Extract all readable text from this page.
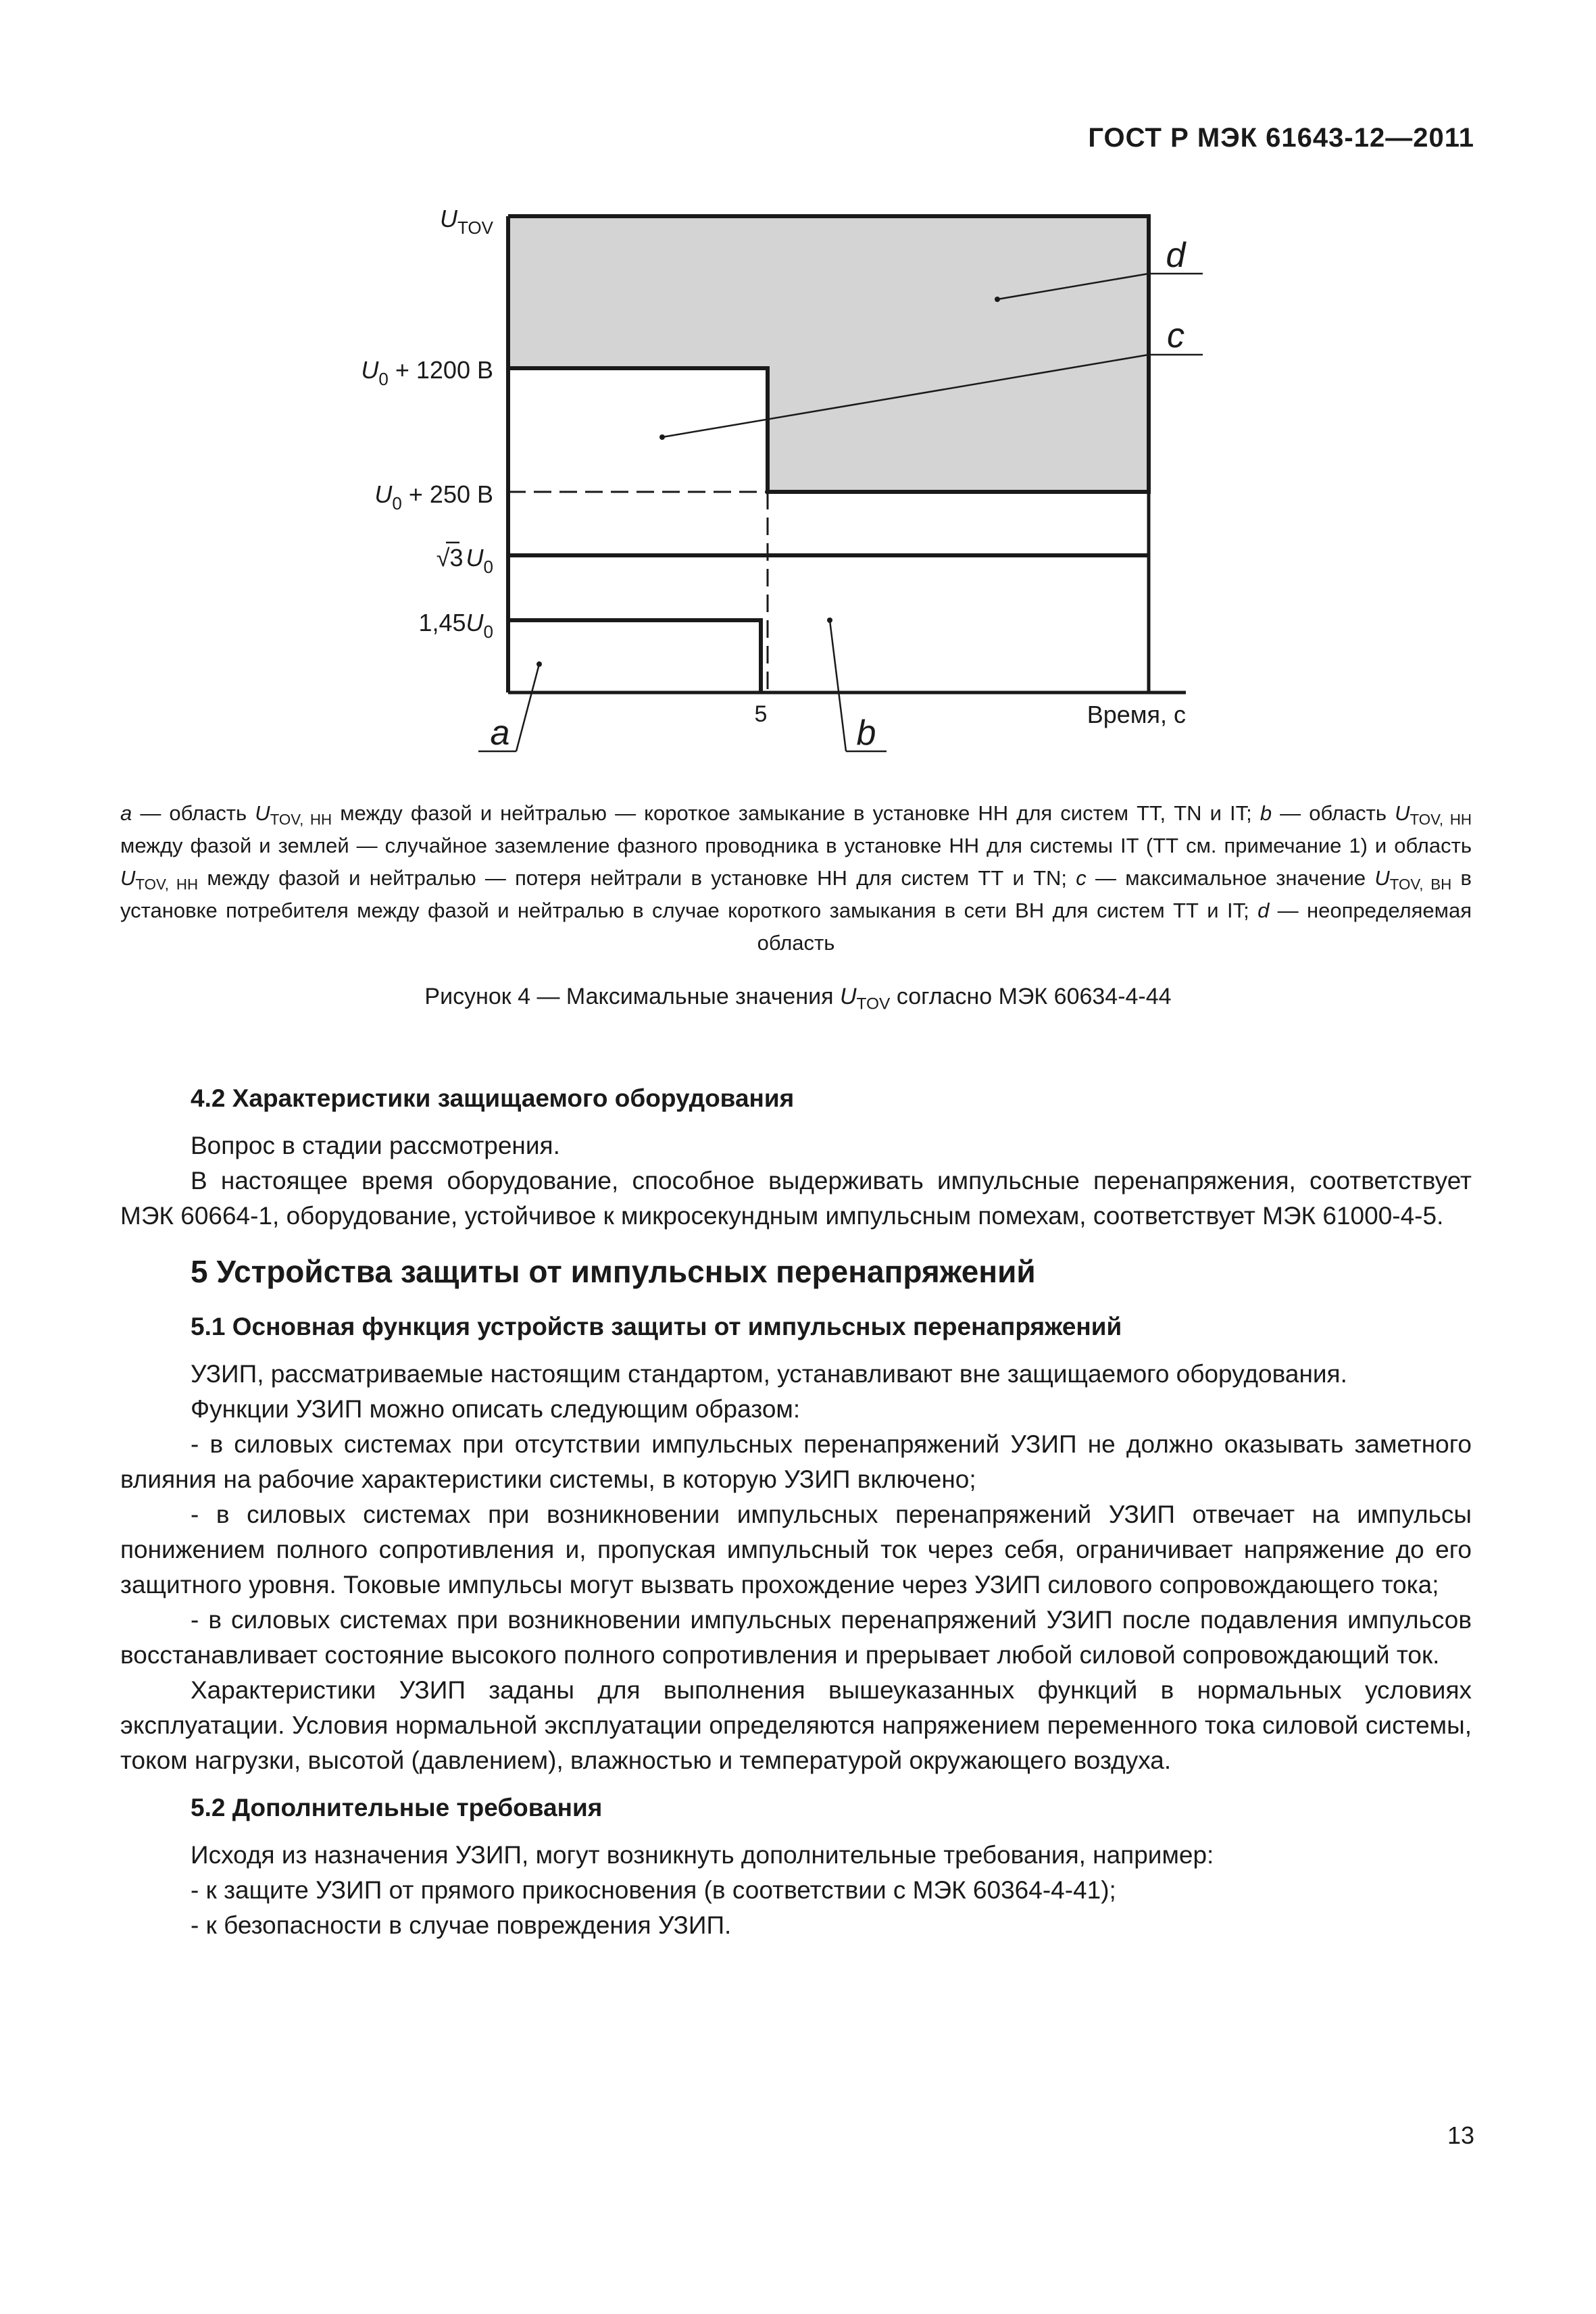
ГОСТ Р МЭК 61643-12—2011
$U_{TOV}$
$U_0 + 1200$ В
$U_0 + 250$ В
√3 $U_0$
$1,45U_0$
5	Время, с
d
c
a	b
a — область $U_{TOV, НН}$ между фазой и нейтралью — короткое замыкание в установке НН для систем ТТ, TN и IT; b — область $U_{TOV, НН}$ между фазой и землей — случайное заземление фазного проводника в установке НН для системы IT (ТТ см. примечание 1) и область $U_{TOV, НН}$ между фазой и нейтралью — потеря нейтрали в установке НН для систем ТТ и TN; c — максимальное значение $U_{TOV, ВН}$ в установке потребителя между фазой и нейтралью в случае короткого замыкания в сети ВН для систем ТТ и IT; d — неопределяемая область
Рисунок 4 — Максимальные значения $U_{TOV}$ согласно МЭК 60634-4-44
4.2 Характеристики защищаемого оборудования

Вопрос в стадии рассмотрения.

В настоящее время оборудование, способное выдерживать импульсные перенапряжения, соответствует МЭК 60664-1, оборудование, устойчивое к микросекундным импульсным помехам, соответствует МЭК 61000-4-5.

5 Устройства защиты от импульсных перенапряжений
5.1 Основная функция устройств защиты от импульсных перенапряжений

УЗИП, рассматриваемые настоящим стандартом, устанавливают вне защищаемого оборудования.

Функции УЗИП можно описать следующим образом:

- в силовых системах при отсутствии импульсных перенапряжений УЗИП не должно оказывать заметного влияния на рабочие характеристики системы, в которую УЗИП включено;

- в силовых системах при возникновении импульсных перенапряжений УЗИП отвечает на импульсы понижением полного сопротивления и, пропуская импульсный ток через себя, ограничивает напряжение до его защитного уровня. Токовые импульсы могут вызвать прохождение через УЗИП силового сопровождающего тока;

- в силовых системах при возникновении импульсных перенапряжений УЗИП после подавления импульсов восстанавливает состояние высокого полного сопротивления и прерывает любой силовой сопровождающий ток.

Характеристики УЗИП заданы для выполнения вышеуказанных функций в нормальных условиях эксплуатации. Условия нормальной эксплуатации определяются напряжением переменного тока силовой системы, током нагрузки, высотой (давлением), влажностью и температурой окружающего воздуха.

5.2 Дополнительные требования

Исходя из назначения УЗИП, могут возникнуть дополнительные требования, например:

- к защите УЗИП от прямого прикосновения (в соответствии с МЭК 60364-4-41);

- к безопасности в случае повреждения УЗИП.

13
